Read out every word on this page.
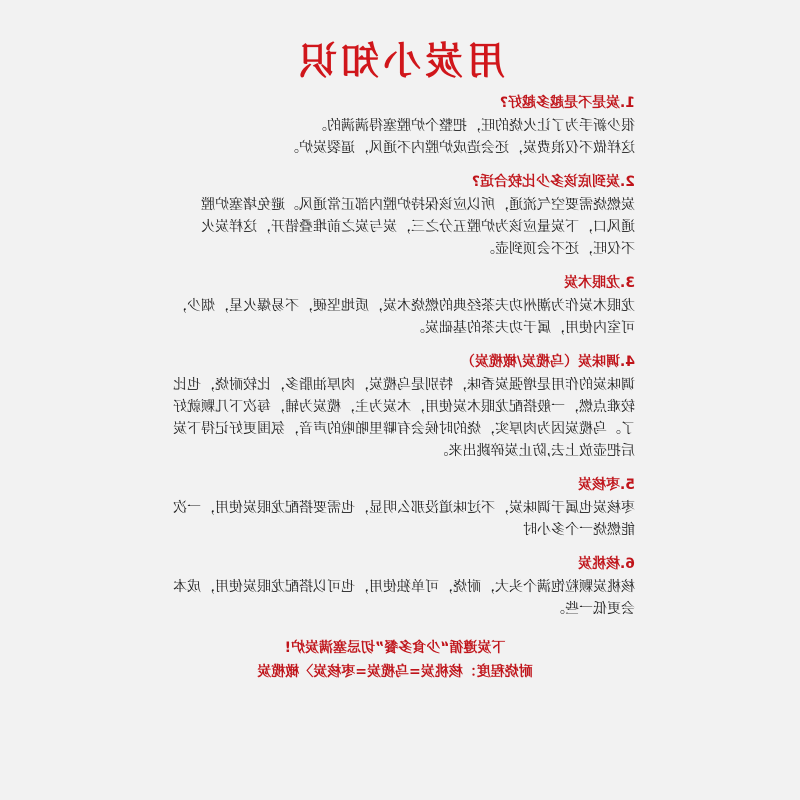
用炭小知识
1.炭是不是越多越好?
很少新手为了让火烧的旺，把整个炉膛塞得满满的。
这样做不仅浪费炭，还会造成炉膛内不通风，逼裂炭炉。
2.炭到底该多少比较合适?
炭燃烧需要空气流通，所以应该保持炉膛内部正常通风。避免堵塞炉膛
通风口，下炭量应该为炉膛五分之三，炭与炭之前堆叠错开，这样炭火
不仅旺，还不会顶到壶。
3.龙眼木炭
龙眼木炭作为潮州功夫茶经典的燃烧木炭，质地坚硬，不易爆火星，烟少，
可室内使用，属于功夫茶的基础炭。
4.调味炭（乌榄炭/橄榄炭）
调味炭的作用是增强炭香味，特别是乌榄炭，肉厚油脂多，比较耐烧，也比
较难点燃，一般搭配龙眼木炭使用，木炭为主，榄炭为辅，每次下几颗就好
了。乌榄炭因为肉厚实，烧的时候会有噼里啪啦的声音，氛围更好记得下炭
后把壶放上去,防止炭碎跳出来。
5.枣核炭
枣核炭也属于调味炭，不过味道没那么明显，也需要搭配龙眼炭使用，一次
能燃烧一个多小时
6.核桃炭
核桃炭颗粒饱满个头大，耐烧，可单独使用，也可以搭配龙眼炭使用，成本
会更低一些。
下炭遵循“少食多餐”切忌塞满炭炉!
耐烧程度：核桃炭=乌榄炭=枣核炭〉橄榄炭
